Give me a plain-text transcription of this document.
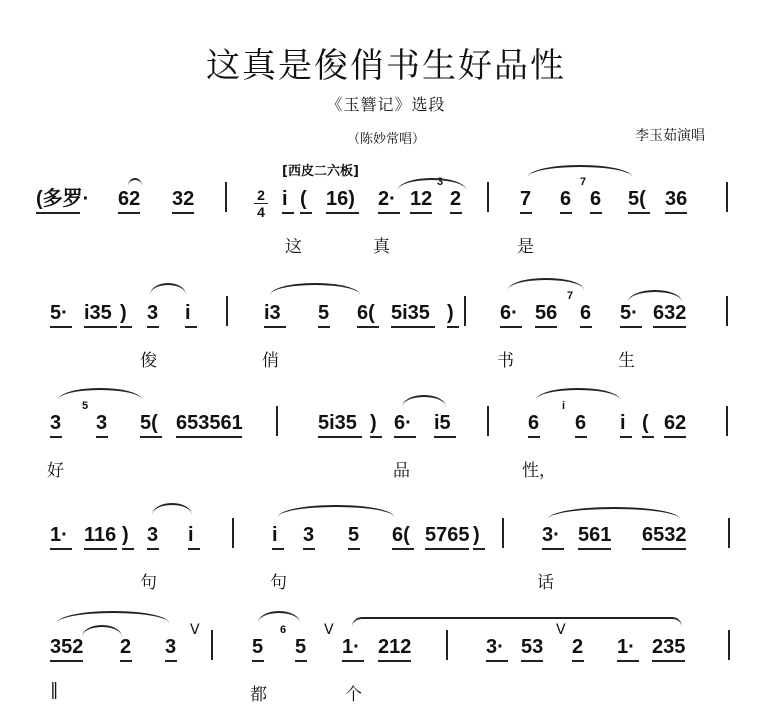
这真是俊俏书生好品性
《玉簪记》选段
（陈妙常唱）	李玉茹演唱
[西皮二六板]
2
4
(多罗· 62 32	i ( 16) 2· 12 2	7 6 6 5( 36
3	7
这	真	是
5· i35 ) 3 i	i3 5 6( 5i35 ) 6· 56 6 5· 632
7
俊	俏	书	生
3 3 5( 653561	5i35 ) 6· i5	6 6 i ( 62
5	i
好	品	性，
1· 116 ) 3 i	i 3 5 6( 5765 )	3· 561 6532
句	句	话
352 2 3	5 5 1· 212	3· 53 2 1· 235
6
V	V	V
‖	都	个
